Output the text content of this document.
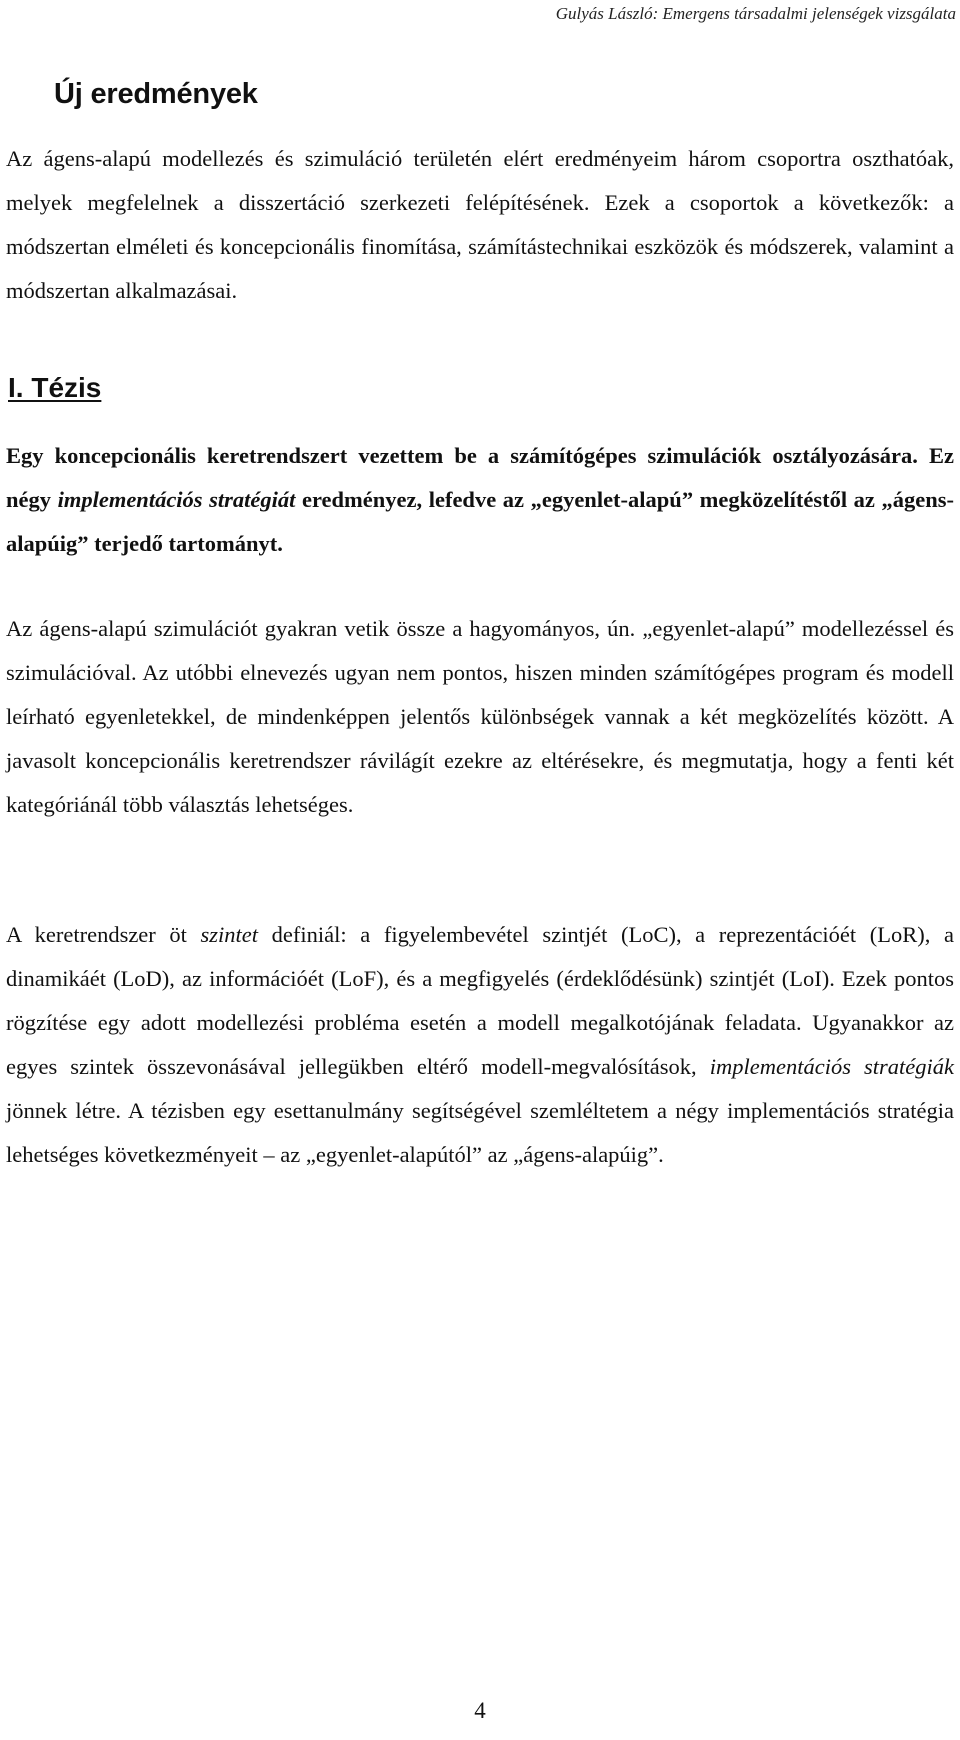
Gulyás László: Emergens társadalmi jelenségek vizsgálata
Új eredmények

Az ágens-alapú modellezés és szimuláció területén elért eredményeim három csoportra oszthatóak, melyek megfelelnek a disszertáció szerkezeti felépítésének. Ezek a csoportok a következők: a módszertan elméleti és koncepcionális finomítása, számítástechnikai eszközök és módszerek, valamint a módszertan alkalmazásai.

I. Tézis

Egy koncepcionális keretrendszert vezettem be a számítógépes szimulációk osztályozására. Ez négy implementációs stratégiát eredményez, lefedve az „egyenlet-alapú” megközelítéstől az „ágens-alapúig” terjedő tartományt.

Az ágens-alapú szimulációt gyakran vetik össze a hagyományos, ún. „egyenlet-alapú” modellezéssel és szimulációval. Az utóbbi elnevezés ugyan nem pontos, hiszen minden számítógépes program és modell leírható egyenletekkel, de mindenképpen jelentős különbségek vannak a két megközelítés között. A javasolt koncepcionális keretrendszer rávilágít ezekre az eltérésekre, és megmutatja, hogy a fenti két kategóriánál több választás lehetséges.

A keretrendszer öt szintet definiál: a figyelembevétel szintjét (LoC), a reprezentációét (LoR), a dinamikáét (LoD), az információét (LoF), és a megfigyelés (érdeklődésünk) szintjét (LoI). Ezek pontos rögzítése egy adott modellezési probléma esetén a modell megalkotójának feladata. Ugyanakkor az egyes szintek összevonásával jellegükben eltérő modell-megvalósítások, implementációs stratégiák jönnek létre. A tézisben egy esettanulmány segítségével szemléltetem a négy implementációs stratégia lehetséges következményeit – az „egyenlet-alapútól” az „ágens-alapúig”.

4
